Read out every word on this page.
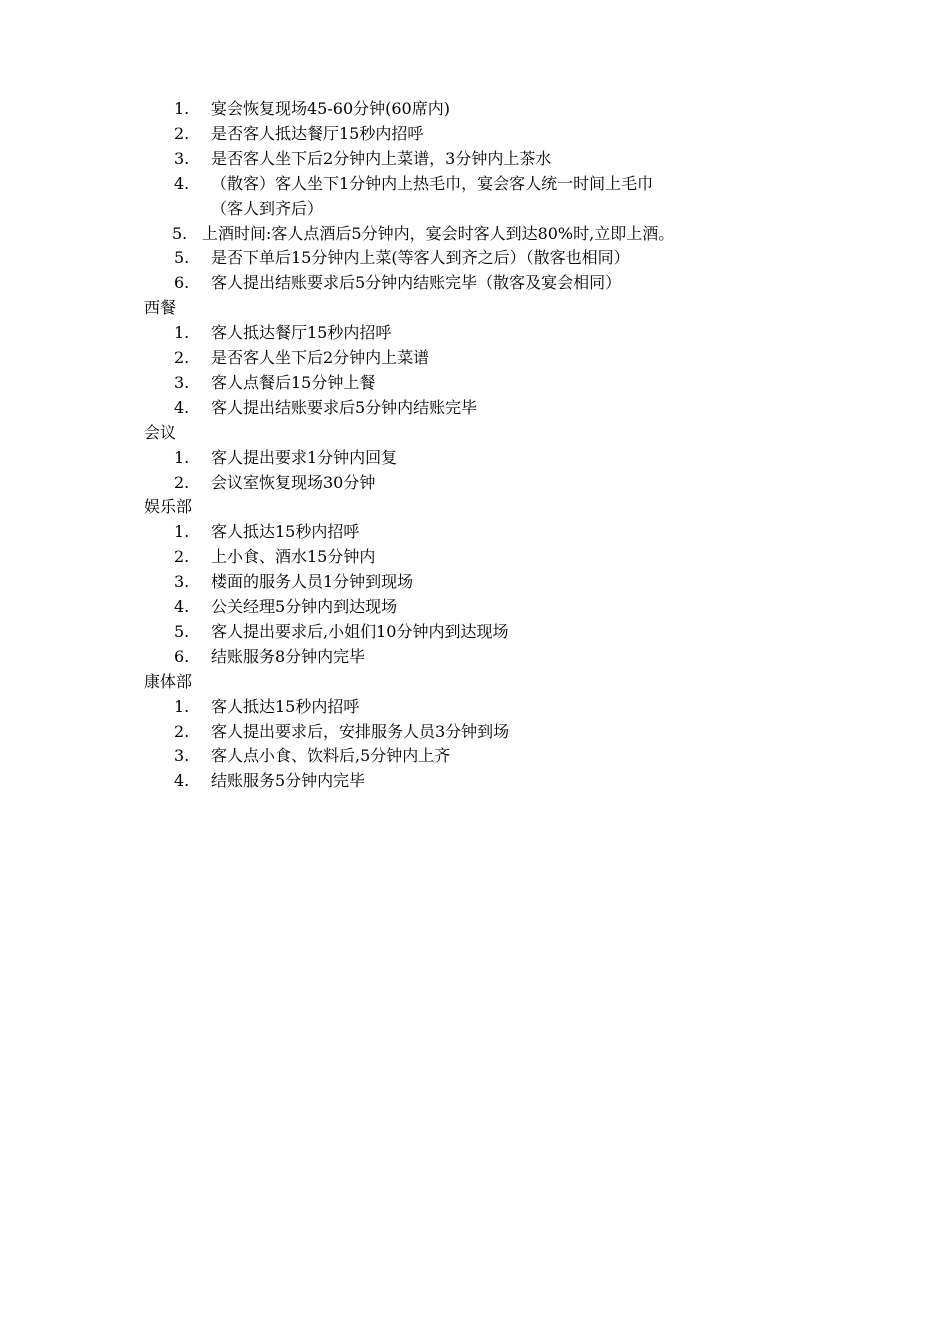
1. 宴会恢复现场45-60分钟(60席内)
2. 是否客人抵达餐厅15秒内招呼
3. 是否客人坐下后2分钟内上菜谱，3分钟内上茶水
4. （散客）客人坐下1分钟内上热毛巾，宴会客人统一时间上毛巾
（客人到齐后）
5. 上酒时间:客人点酒后5分钟内，宴会时客人到达80%时,立即上酒。
5. 是否下单后15分钟内上菜(等客人到齐之后）（散客也相同）
6. 客人提出结账要求后5分钟内结账完毕（散客及宴会相同）
西餐
1. 客人抵达餐厅15秒内招呼
2. 是否客人坐下后2分钟内上菜谱
3. 客人点餐后15分钟上餐
4. 客人提出结账要求后5分钟内结账完毕
会议
1. 客人提出要求1分钟内回复
2. 会议室恢复现场30分钟
娱乐部
1. 客人抵达15秒内招呼
2. 上小食、酒水15分钟内
3. 楼面的服务人员1分钟到现场
4. 公关经理5分钟内到达现场
5. 客人提出要求后,小姐们10分钟内到达现场
6. 结账服务8分钟内完毕
康体部
1. 客人抵达15秒内招呼
2. 客人提出要求后，安排服务人员3分钟到场
3. 客人点小食、饮料后,5分钟内上齐
4. 结账服务5分钟内完毕
